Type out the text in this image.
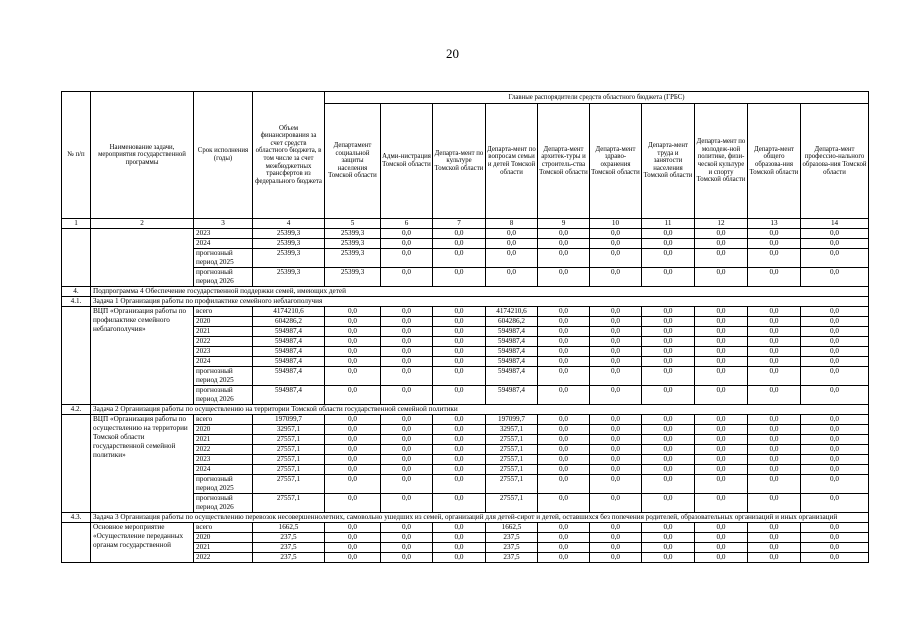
20
№ п/п	Наименование задачи, мероприятия государственной программы	Срок исполнения (годы)	Объем финансирования за счет средств областного бюджета, в том числе за счет межбюджетных трансфертов из федерального бюджета	Главные распорядители средств областного бюджета (ГРБС)									
				Департамент социальной защиты населения Томской области	Адми-нистрация Томской области	Департа-мент по культуре Томской области	Департа-мент по вопросам семьи и детей Томской области	Департа-мент архитек-туры и строитель-ства Томской области	Департа-мент здраво-охранения Томской области	Департа-мент труда и занятости населения Томской области	Департа-мент по молодеж-ной политике, физи-ческой культуре и спорту Томской области	Департа-мент общего образова-ния Томской области	Департа-мент профессио-нального образова-ния Томской области
1	2	3	4	5	6	7	8	9	10	11	12	13	14
		2023	25399,3	25399,3	0,0	0,0	0,0	0,0	0,0	0,0	0,0	0,0	0,0
		2024	25399,3	25399,3	0,0	0,0	0,0	0,0	0,0	0,0	0,0	0,0	0,0
		прогнозный период 2025	25399,3	25399,3	0,0	0,0	0,0	0,0	0,0	0,0	0,0	0,0	0,0
		прогнозный период 2026	25399,3	25399,3	0,0	0,0	0,0	0,0	0,0	0,0	0,0	0,0	0,0
4.	Подпрограмма 4 Обеспечение государственной поддержки семей, имеющих детей												
4.1.	Задача 1 Организация работы по профилактике семейного неблагополучия												
	ВЦП «Организация работы по профилактике семейного неблагополучия»	всего	4174210,6	0,0	0,0	0,0	4174210,6	0,0	0,0	0,0	0,0	0,0	0,0
		2020	604286,2	0,0	0,0	0,0	604286,2	0,0	0,0	0,0	0,0	0,0	0,0
		2021	594987,4	0,0	0,0	0,0	594987,4	0,0	0,0	0,0	0,0	0,0	0,0
		2022	594987,4	0,0	0,0	0,0	594987,4	0,0	0,0	0,0	0,0	0,0	0,0
		2023	594987,4	0,0	0,0	0,0	594987,4	0,0	0,0	0,0	0,0	0,0	0,0
		2024	594987,4	0,0	0,0	0,0	594987,4	0,0	0,0	0,0	0,0	0,0	0,0
		прогнозный период 2025	594987,4	0,0	0,0	0,0	594987,4	0,0	0,0	0,0	0,0	0,0	0,0
		прогнозный период 2026	594987,4	0,0	0,0	0,0	594987,4	0,0	0,0	0,0	0,0	0,0	0,0
4.2.	Задача 2 Организация работы по осуществлению на территории Томской области государственной семейной политики												
	ВЦП «Организация работы по осуществлению на территории Томской области государственной семейной политики»	всего	197099,7	0,0	0,0	0,0	197099,7	0,0	0,0	0,0	0,0	0,0	0,0
		2020	32957,1	0,0	0,0	0,0	32957,1	0,0	0,0	0,0	0,0	0,0	0,0
		2021	27557,1	0,0	0,0	0,0	27557,1	0,0	0,0	0,0	0,0	0,0	0,0
		2022	27557,1	0,0	0,0	0,0	27557,1	0,0	0,0	0,0	0,0	0,0	0,0
		2023	27557,1	0,0	0,0	0,0	27557,1	0,0	0,0	0,0	0,0	0,0	0,0
		2024	27557,1	0,0	0,0	0,0	27557,1	0,0	0,0	0,0	0,0	0,0	0,0
		прогнозный период 2025	27557,1	0,0	0,0	0,0	27557,1	0,0	0,0	0,0	0,0	0,0	0,0
		прогнозный период 2026	27557,1	0,0	0,0	0,0	27557,1	0,0	0,0	0,0	0,0	0,0	0,0
4.3.	Задача 3 Организация работы по осуществлению перевозок несовершеннолетних, самовольно ушедших из семей, организаций для детей-сирот и детей, оставшихся без попечения родителей, образовательных организаций и иных организаций												
	Основное мероприятие «Осуществление переданных органам государственной	всего	1662,5	0,0	0,0	0,0	1662,5	0,0	0,0	0,0	0,0	0,0	0,0
		2020	237,5	0,0	0,0	0,0	237,5	0,0	0,0	0,0	0,0	0,0	0,0
		2021	237,5	0,0	0,0	0,0	237,5	0,0	0,0	0,0	0,0	0,0	0,0
		2022	237,5	0,0	0,0	0,0	237,5	0,0	0,0	0,0	0,0	0,0	0,0
